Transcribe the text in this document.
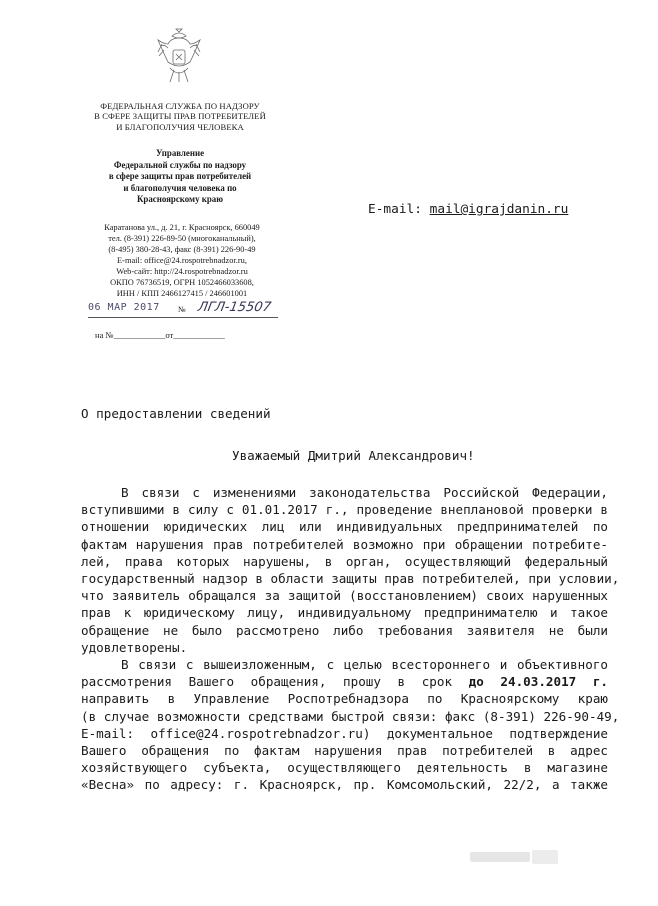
ФЕДЕРАЛЬНАЯ СЛУЖБА ПО НАДЗОРУ
В СФЕРЕ ЗАЩИТЫ ПРАВ ПОТРЕБИТЕЛЕЙ
И БЛАГОПОЛУЧИЯ ЧЕЛОВЕКА
Управление
Федеральной службы по надзору
в сфере защиты прав потребителей
и благополучия человека по
Красноярскому краю
Каратанова ул., д. 21, г. Красноярск, 660049
тел. (8-391) 226-89-50 (многоканальный),
(8-495) 380-28-43, факс (8-391) 226-90-49
E-mail: office@24.rospotrebnadzor.ru,
Web-сайт: http://24.rospotrebnadzor.ru
ОКПО 76736519, ОГРН 1052466033608,
ИНН / КПП 2466127415 / 246601001
06 МАР 2017 № ЛГЛ-15507
на №____________от____________
E-mail: mail@igrajdanin.ru
О предоставлении сведений
Уважаемый Дмитрий Александрович!
В связи с изменениями законодательства Российской Федерации,
вступившими в силу с 01.01.2017 г., проведение внеплановой проверки в
отношении юридических лиц или индивидуальных предпринимателей по
фактам нарушения прав потребителей возможно при обращении потребите-
лей, права которых нарушены, в орган, осуществляющий федеральный
государственный надзор в области защиты прав потребителей, при условии,
что заявитель обращался за защитой (восстановлением) своих нарушенных
прав к юридическому лицу, индивидуальному предпринимателю и такое
обращение не было рассмотрено либо требования заявителя не были
удовлетворены.
В связи с вышеизложенным, с целью всестороннего и объективного
рассмотрения Вашего обращения, прошу в срок до 24.03.2017 г.
направить в Управление Роспотребнадзора по Красноярскому краю
(в случае возможности средствами быстрой связи: факс (8-391) 226-90-49,
E-mail: office@24.rospotrebnadzor.ru) документальное подтверждение
Вашего обращения по фактам нарушения прав потребителей в адрес
хозяйствующего субъекта, осуществляющего деятельность в магазине
«Весна» по адресу: г. Красноярск, пр. Комсомольский, 22/2, а также
